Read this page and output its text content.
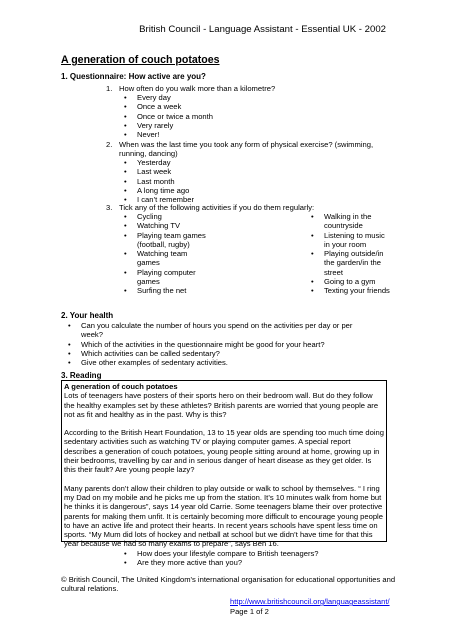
British Council - Language Assistant - Essential UK - 2002
A generation of couch potatoes
1. Questionnaire: How active are you?
1. How often do you walk more than a kilometre?
• Every day
• Once a week
• Once or twice a month
• Very rarely
• Never!
2. When was the last time you took any form of physical exercise? (swimming, running, dancing)
• Yesterday
• Last week
• Last month
• A long time ago
• I can’t remember
3. Tick any of the following activities if you do them regularly:
• Cycling
• Watching TV
• Playing team games (football, rugby)
• Watching team games
• Playing computer games
• Surfing the net
• Walking in the countryside
• Listening to music in your room
• Playing outside/in the garden/in the street
• Going to a gym
• Texting your friends
2. Your health
• Can you calculate the number of hours you spend on the activities per day or per week?
• Which of the activities in the questionnaire might be good for your heart?
• Which activities can be called sedentary?
• Give other examples of sedentary activities.
3. Reading
A generation of couch potatoes

Lots of teenagers have posters of their sports hero on their bedroom wall. But do they follow the healthy examples set by these athletes? British parents are worried that young people are not as fit and healthy as in the past. Why is this?

According to the British Heart Foundation, 13 to 15 year olds are spending too much time doing sedentary activities such as watching TV or playing computer games. A special report describes a generation of couch potatoes, young people sitting around at home, growing up in their bedrooms, travelling by car and in serious danger of heart disease as they get older. Is this their fault? Are young people lazy?

Many parents don’t allow their children to play outside or walk to school by themselves. “ I ring my Dad on my mobile and he picks me up from the station. It’s 10 minutes walk from home but he thinks it is dangerous”, says 14 year old Carrie. Some teenagers blame their over protective parents for making them unfit. It is certainly becoming more difficult to encourage young people to have an active life and protect their hearts. In recent years schools have spent less time on sports. “My Mum did lots of hockey and netball at school but we didn’t have time for that this year because we had so many exams to prepare”, says Ben 16.

• How does your lifestyle compare to British teenagers?
• Are they more active than you?
© British Council, The United Kingdom's international organisation for educational opportunities and cultural relations.
http://www.britishcouncil.org/languageassistant/
Page 1 of 2
